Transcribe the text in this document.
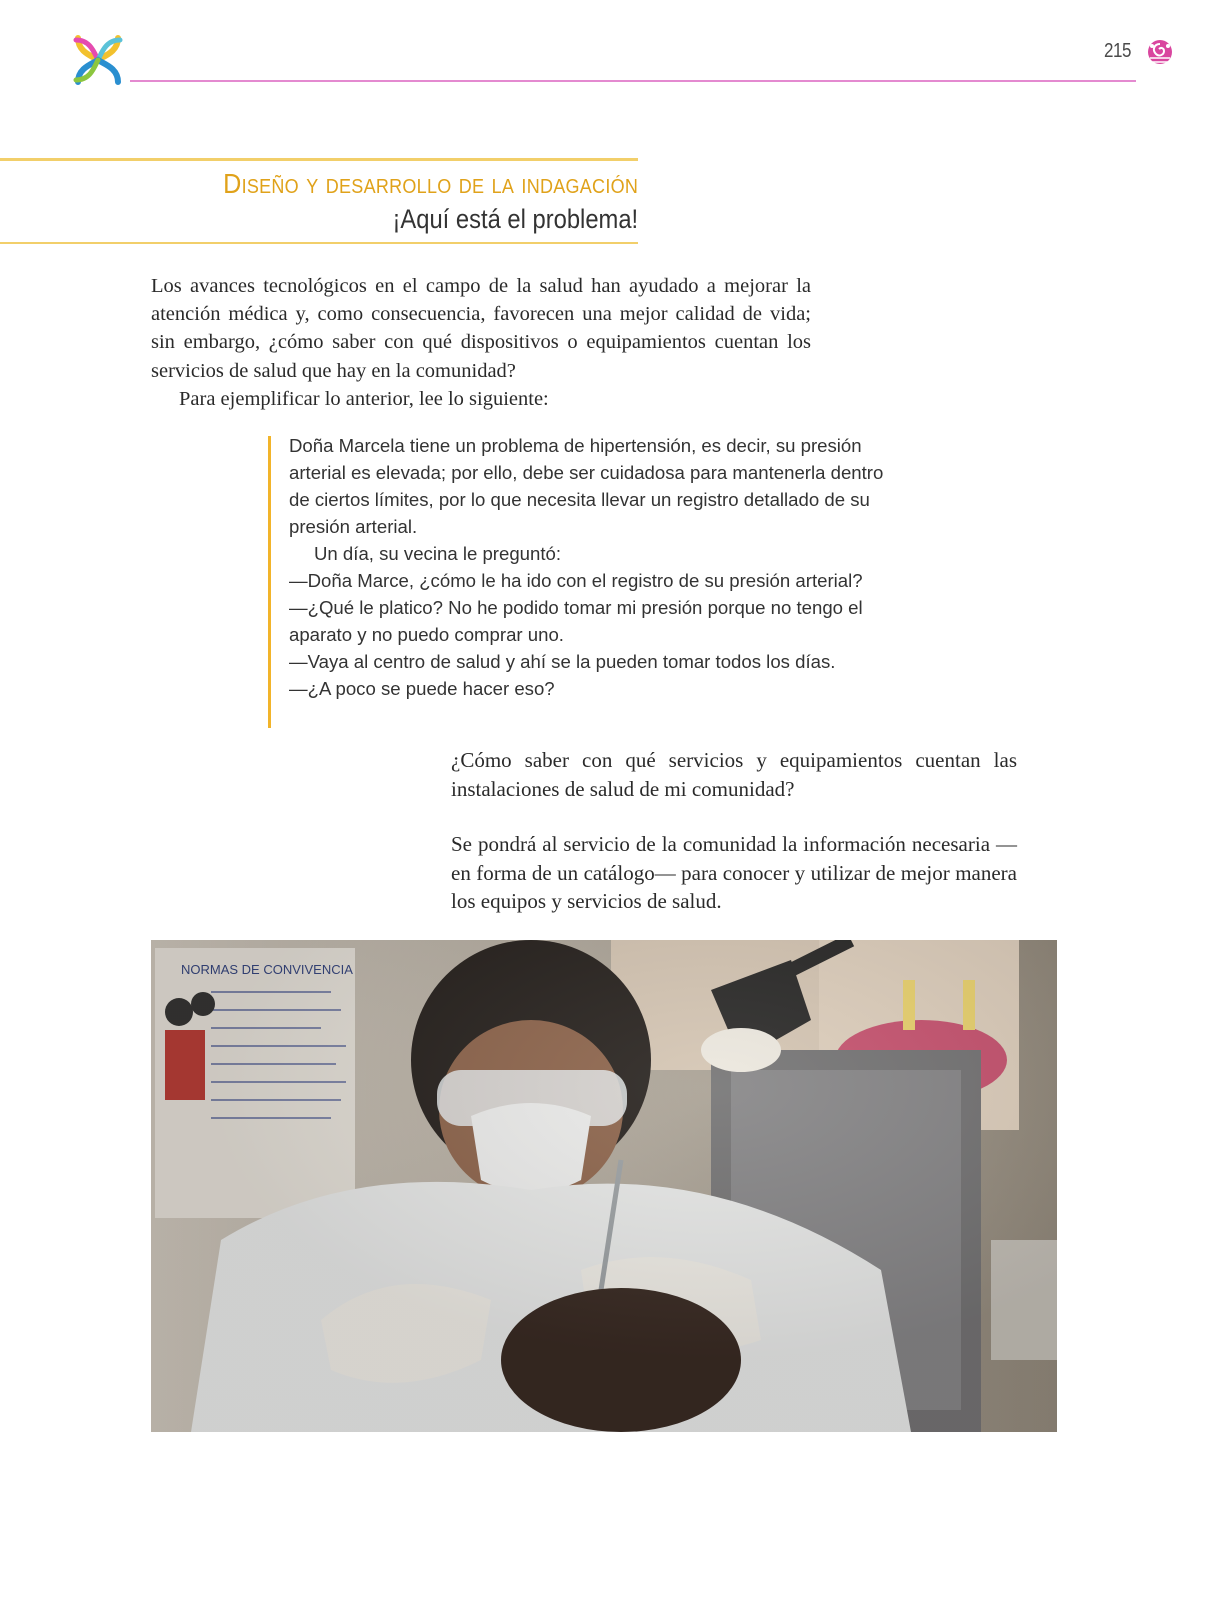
215
Diseño y desarrollo de la indagación
¡Aquí está el problema!

Los avances tecnológicos en el campo de la salud han ayudado a mejorar la atención médica y, como consecuencia, favorecen una mejor calidad de vida; sin embargo, ¿cómo saber con qué dispositivos o equipamientos cuentan los servicios de salud que hay en la comunidad?

Para ejemplificar lo anterior, lee lo siguiente:

Doña Marcela tiene un problema de hipertensión, es decir, su presión arterial es elevada; por ello, debe ser cuidadosa para mantenerla dentro de ciertos límites, por lo que necesita llevar un registro detallado de su presión arterial.

Un día, su vecina le preguntó:

—Doña Marce, ¿cómo le ha ido con el registro de su presión arterial?

—¿Qué le platico? No he podido tomar mi presión porque no tengo el aparato y no puedo comprar uno.

—Vaya al centro de salud y ahí se la pueden tomar todos los días.

—¿A poco se puede hacer eso?

¿Cómo saber con qué servicios y equipamientos cuentan las instalaciones de salud de mi comunidad?

Se pondrá al servicio de la comunidad la información necesaria —en forma de un catálogo— para conocer y utilizar de mejor manera los equipos y servicios de salud.

NORMAS DE CONVIVENCIA
